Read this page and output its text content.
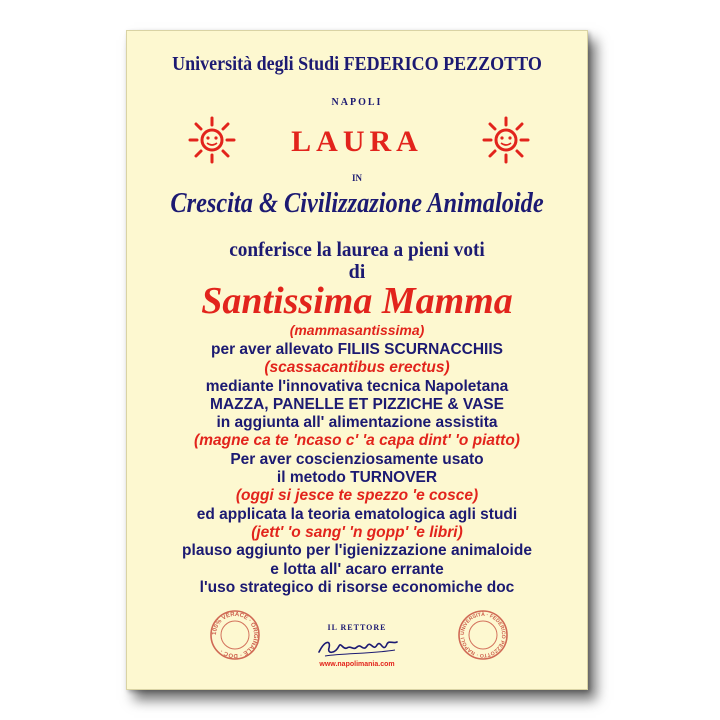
Università degli Studi FEDERICO PEZZOTTO
NAPOLI
LAURA
IN
Crescita & Civilizzazione Animaloide
conferisce la laurea a pieni voti
di
Santissima Mamma
(mammasantissima)
per aver allevato FILIIS SCURNACCHIIS
(scassacantibus erectus)
mediante l'innovativa tecnica Napoletana
MAZZA, PANELLE ET PIZZICHE & VASE
in aggiunta all' alimentazione assistita
(magne ca te 'ncaso c' 'a capa dint' 'o piatto)
Per aver coscienziosamente usato
il metodo TURNOVER
(oggi si jesce te spezzo 'e cosce)
ed applicata la teoria ematologica agli studi
(jett' 'o sang' 'n gopp' 'e libri)
plauso aggiunto per l'igienizzazione animaloide
e lotta all' acaro errante
l'uso strategico di risorse economiche doc
100% VERACE · ORIGINALE · DOC ·
IL RETTORE
www.napolimania.com
UNIVERSITÀ · FEDERICO PEZZOTTO · NAPOLI
